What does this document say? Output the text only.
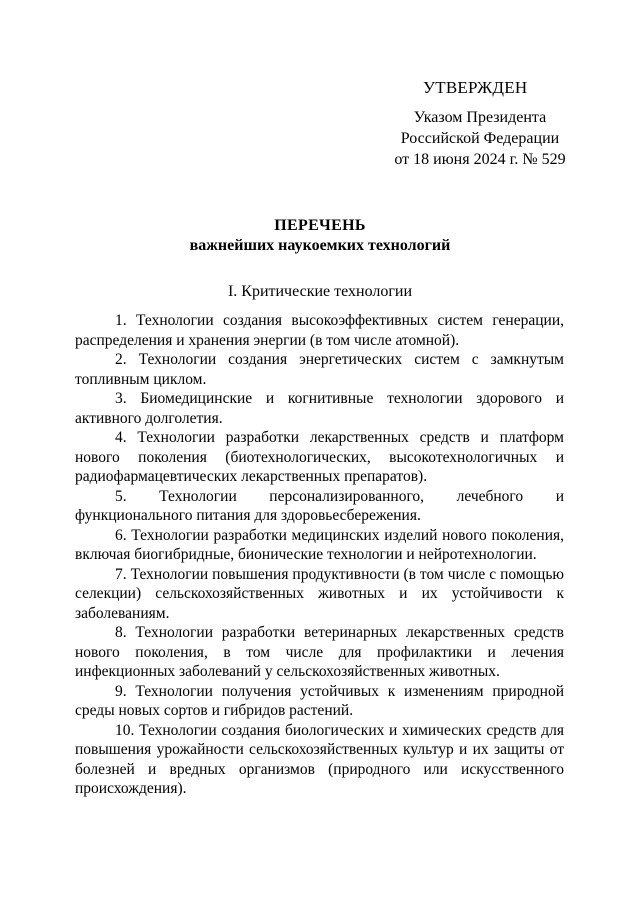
УТВЕРЖДЕН
Указом Президента
Российской Федерации
от 18 июня 2024 г. № 529
ПЕРЕЧЕНЬ
важнейших наукоемких технологий
I. Критические технологии

1. Технологии создания высокоэффективных систем генерации, распределения и хранения энергии (в том числе атомной).

2. Технологии создания энергетических систем с замкнутым топливным циклом.

3. Биомедицинские и когнитивные технологии здорового и активного долголетия.

4. Технологии разработки лекарственных средств и платформ нового поколения (биотехнологических, высокотехнологичных и радиофармацевтических лекарственных препаратов).

5. Технологии персонализированного, лечебного и функционального питания для здоровьесбережения.

6. Технологии разработки медицинских изделий нового поколения, включая биогибридные, бионические технологии и нейротехнологии.

7. Технологии повышения продуктивности (в том числе с помощью селекции) сельскохозяйственных животных и их устойчивости к заболеваниям.

8. Технологии разработки ветеринарных лекарственных средств нового поколения, в том числе для профилактики и лечения инфекционных заболеваний у сельскохозяйственных животных.

9. Технологии получения устойчивых к изменениям природной среды новых сортов и гибридов растений.

10. Технологии создания биологических и химических средств для повышения урожайности сельскохозяйственных культур и их защиты от болезней и вредных организмов (природного или искусственного происхождения).
